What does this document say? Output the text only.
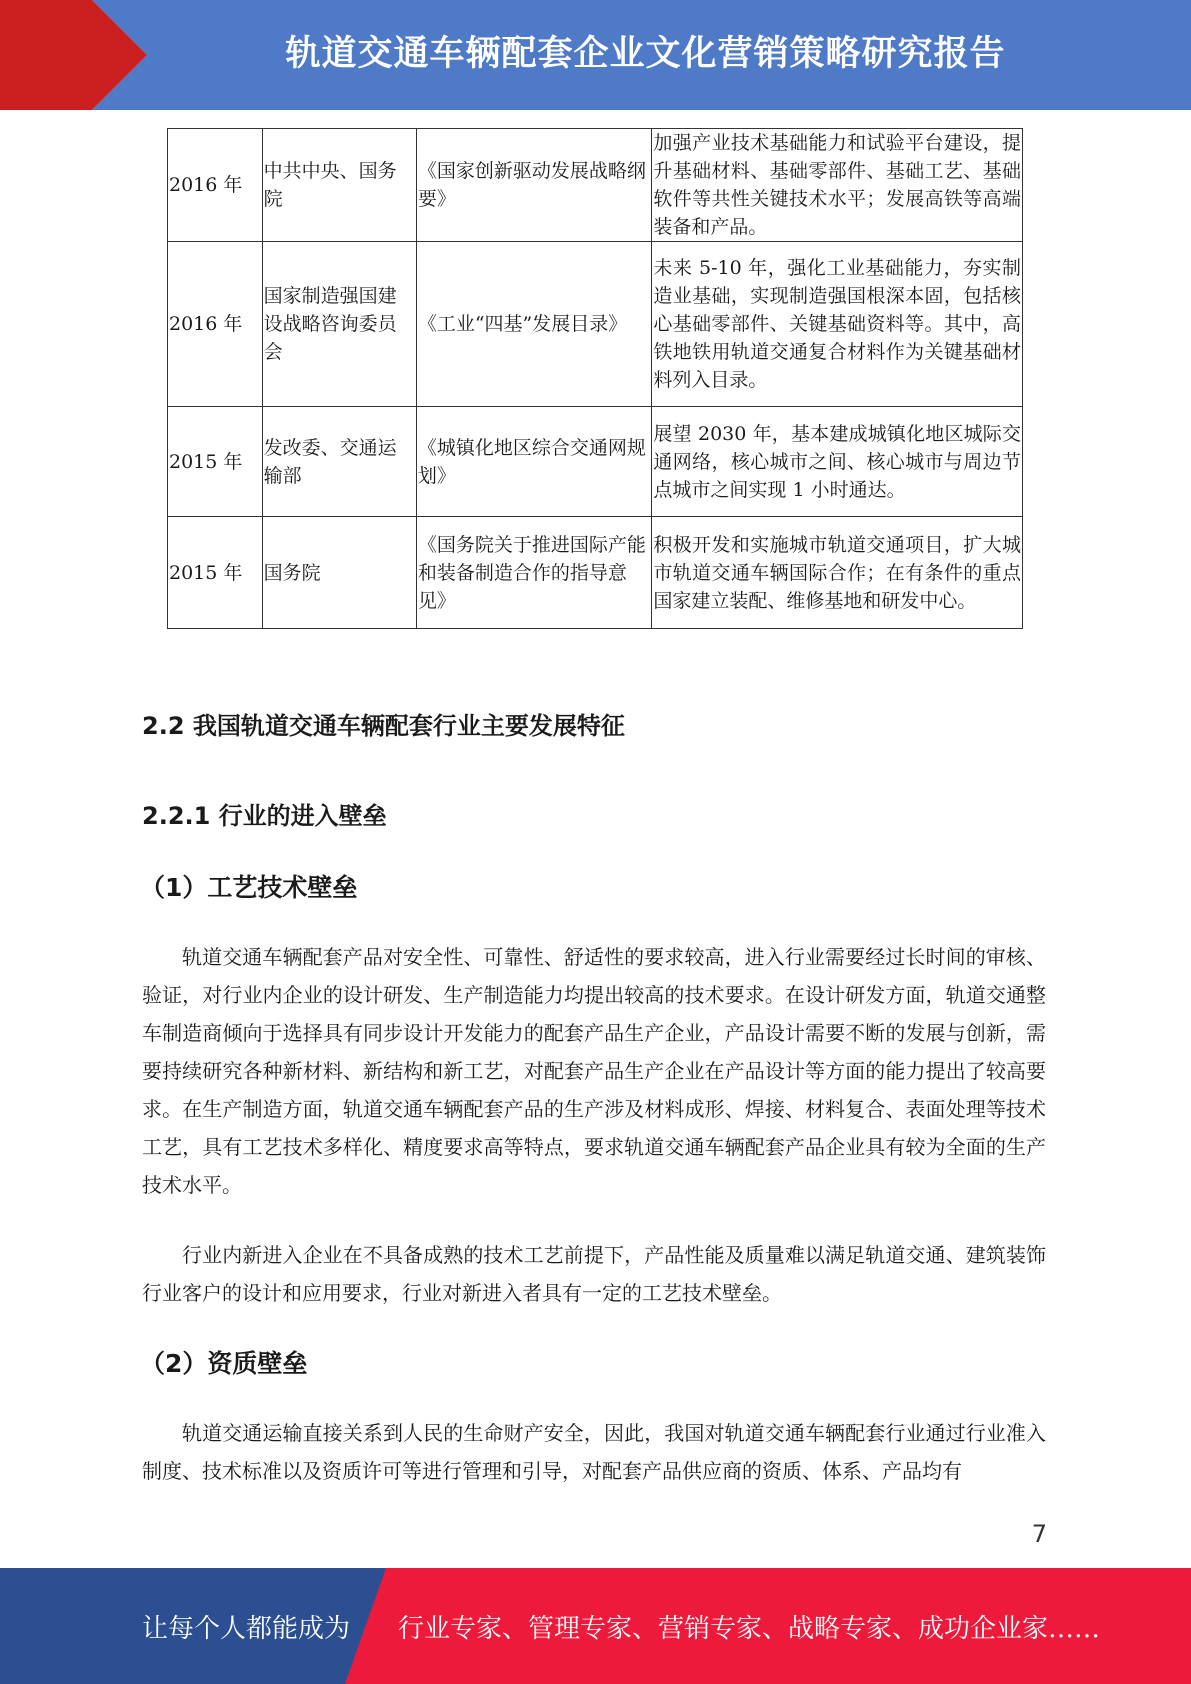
轨道交通车辆配套企业文化营销策略研究报告
2016 年	中共中央、国务院	《国家创新驱动发展战略纲要》	加强产业技术基础能力和试验平台建设，提升基础材料、基础零部件、基础工艺、基础软件等共性关键技术水平；发展高铁等高端装备和产品。
2016 年	国家制造强国建设战略咨询委员会	《工业“四基”发展目录》	未来 5-10 年，强化工业基础能力，夯实制造业基础，实现制造强国根深本固，包括核心基础零部件、关键基础资料等。其中，高铁地铁用轨道交通复合材料作为关键基础材料列入目录。
2015 年	发改委、交通运输部	《城镇化地区综合交通网规划》	展望 2030 年，基本建成城镇化地区城际交通网络，核心城市之间、核心城市与周边节点城市之间实现 1 小时通达。
2015 年	国务院	《国务院关于推进国际产能和装备制造合作的指导意见》	积极开发和实施城市轨道交通项目，扩大城市轨道交通车辆国际合作；在有条件的重点国家建立装配、维修基地和研发中心。
2.2 我国轨道交通车辆配套行业主要发展特征
2.2.1 行业的进入壁垒
（1）工艺技术壁垒

轨道交通车辆配套产品对安全性、可靠性、舒适性的要求较高，进入行业需要经过长时间的审核、验证，对行业内企业的设计研发、生产制造能力均提出较高的技术要求。在设计研发方面，轨道交通整车制造商倾向于选择具有同步设计开发能力的配套产品生产企业，产品设计需要不断的发展与创新，需要持续研究各种新材料、新结构和新工艺，对配套产品生产企业在产品设计等方面的能力提出了较高要求。在生产制造方面，轨道交通车辆配套产品的生产涉及材料成形、焊接、材料复合、表面处理等技术工艺，具有工艺技术多样化、精度要求高等特点，要求轨道交通车辆配套产品企业具有较为全面的生产技术水平。

行业内新进入企业在不具备成熟的技术工艺前提下，产品性能及质量难以满足轨道交通、建筑装饰行业客户的设计和应用要求，行业对新进入者具有一定的工艺技术壁垒。

（2）资质壁垒

轨道交通运输直接关系到人民的生命财产安全，因此，我国对轨道交通车辆配套行业通过行业准入制度、技术标准以及资质许可等进行管理和引导，对配套产品供应商的资质、体系、产品均有

7
让每个人都能成为 行业专家、管理专家、营销专家、战略专家、成功企业家……
